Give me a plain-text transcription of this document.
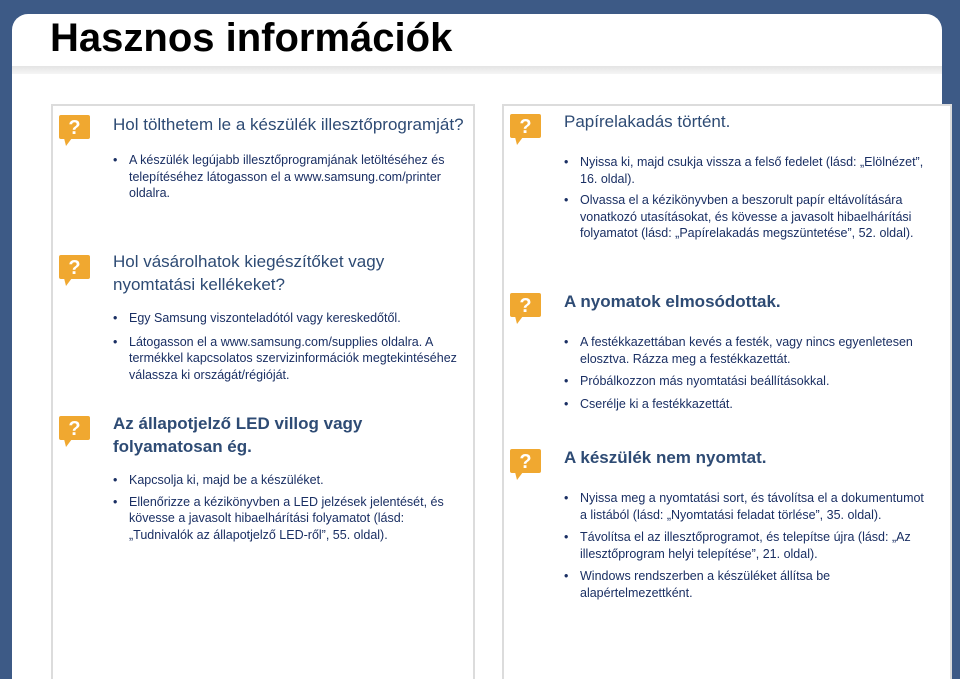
Hasznos információk
? Hol tölthetem le a készülék illesztőprogramját?

• A készülék legújabb illesztőprogramjának letöltéséhez és telepítéséhez látogasson el a www.samsung.com/printer oldalra.
? Hol vásárolhatok kiegészítőket vagy nyomtatási kellékeket?

• Egy Samsung viszonteladótól vagy kereskedőtől.
• Látogasson el a www.samsung.com/supplies oldalra. A termékkel kapcsolatos szervizinformációk megtekintéséhez válassza ki országát/régióját.
? Az állapotjelző LED villog vagy folyamatosan ég.

• Kapcsolja ki, majd be a készüléket.
• Ellenőrizze a kézikönyvben a LED jelzések jelentését, és kövesse a javasolt hibaelhárítási folyamatot (lásd: „Tudnivalók az állapotjelző LED-ről”, 55. oldal).
? Papírelakadás történt.

• Nyissa ki, majd csukja vissza a felső fedelet (lásd: „Elölnézet”, 16. oldal).
• Olvassa el a kézikönyvben a beszorult papír eltávolítására vonatkozó utasításokat, és kövesse a javasolt hibaelhárítási folyamatot (lásd: „Papírelakadás megszüntetése”, 52. oldal).
? A nyomatok elmosódottak.

• A festékkazettában kevés a festék, vagy nincs egyenletesen elosztva. Rázza meg a festékkazettát.
• Próbálkozzon más nyomtatási beállításokkal.
• Cserélje ki a festékkazettát.
? A készülék nem nyomtat.

• Nyissa meg a nyomtatási sort, és távolítsa el a dokumentumot a listából (lásd: „Nyomtatási feladat törlése”, 35. oldal).
• Távolítsa el az illesztőprogramot, és telepítse újra (lásd: „Az illesztőprogram helyi telepítése”, 21. oldal).
• Windows rendszerben a készüléket állítsa be alapértelmezettként.
